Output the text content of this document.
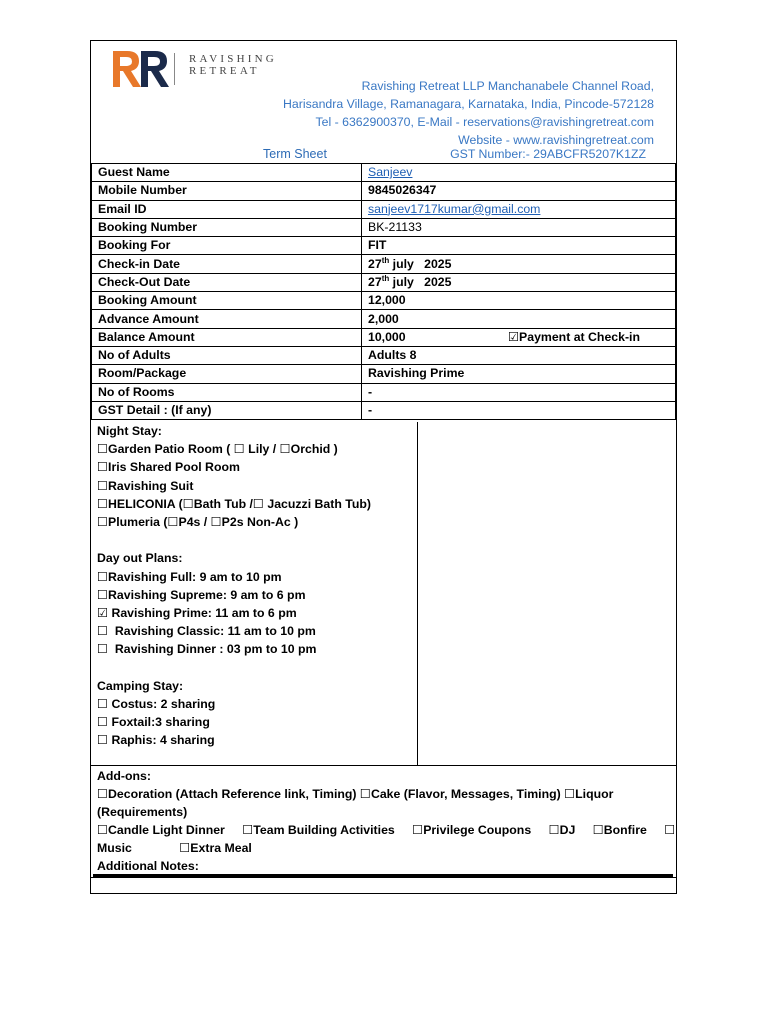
RAVISHING
RETREAT
Ravishing Retreat LLP Manchanabele Channel Road,
Harisandra Village, Ramanagara, Karnataka, India, Pincode-572128
Tel - 6362900370, E-Mail - reservations@ravishingretreat.com
Website - www.ravishingretreat.com
Term Sheet	GST Number:- 29ABCFR5207K1ZZ
Guest Name	Sanjeev
Mobile Number	9845026347
Email ID	sanjeev1717kumar@gmail.com
Booking Number	BK-21133
Booking For	FIT
Check-in Date	27th july   2025
Check-Out Date	27th july   2025
Booking Amount	12,000
Advance Amount	2,000
Balance Amount	10,000 ☑Payment at Check-in

No of Adults	Adults 8
Room/Package	Ravishing Prime
No of Rooms	-
GST Detail : (If any)	-
Night Stay:
☐Garden Patio Room ( ☐ Lily / ☐Orchid )
☐Iris Shared Pool Room
☐Ravishing Suit
☐HELICONIA (☐Bath Tub /☐ Jacuzzi Bath Tub)
☐Plumeria (☐P4s / ☐P2s Non-Ac )
Day out Plans:
☐Ravishing Full: 9 am to 10 pm
☐Ravishing Supreme: 9 am to 6 pm
☑ Ravishing Prime: 11 am to 6 pm
☐  Ravishing Classic: 11 am to 10 pm
☐  Ravishing Dinner : 03 pm to 10 pm
Camping Stay:
☐ Costus: 2 sharing
☐ Foxtail:3 sharing
☐ Raphis: 4 sharing
Add-ons:
☐Decoration (Attach Reference link, Timing) ☐Cake (Flavor, Messages, Timing) ☐Liquor
(Requirements)
☐Candle Light Dinner ☐Team Building Activities ☐Privilege Coupons ☐DJ ☐Bonfire ☐
Music	☐Extra Meal
Additional Notes:
